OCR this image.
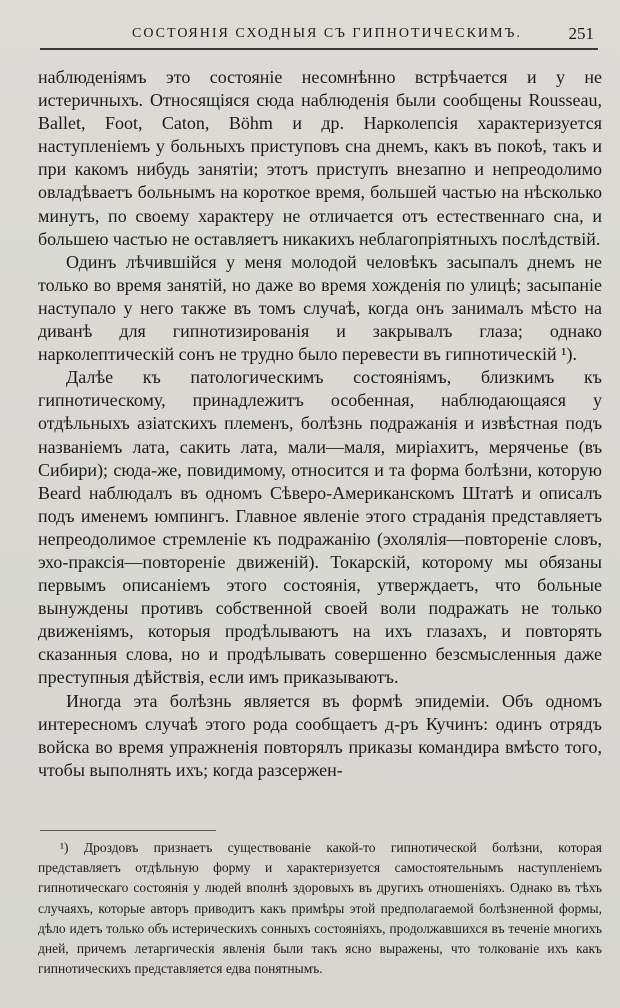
СОСТОЯНІЯ СХОДНЫЯ СЪ ГИПНОТИЧЕСКИМЪ.	251

наблюденіямъ это состояніе несомнѣнно встрѣчается и у не истеричныхъ. Относящіяся сюда наблюденія были сообщены Rousseau, Ballet, Foot, Caton, Böhm и др. Нарколепсія характеризуется наступленіемъ у больныхъ приступовъ сна днемъ, какъ въ покоѣ, такъ и при какомъ нибудь занятіи; этотъ приступъ внезапно и непреодолимо овладѣваетъ больнымъ на короткое время, большей частью на нѣсколько минутъ, по своему характеру не отличается отъ естественнаго сна, и большею частью не оставляетъ никакихъ неблагопріятныхъ послѣдствій.

Одинъ лѣчившійся у меня молодой человѣкъ засыпалъ днемъ не только во время занятій, но даже во время хожденія по улицѣ; засыпаніе наступало у него также въ томъ случаѣ, когда онъ занималъ мѣсто на диванѣ для гипнотизированія и закрывалъ глаза; однако нарколептическій сонъ не трудно было перевести въ гипнотическій ¹).

Далѣе къ патологическимъ состояніямъ, близкимъ къ гипнотическому, принадлежитъ особенная, наблюдающаяся у отдѣльныхъ азіатскихъ племенъ, болѣзнь подражанія и извѣстная подъ названіемъ лата, сакить лата, мали—маля, миріахитъ, меряченье (въ Сибири); сюда-же, повидимому, относится и та форма болѣзни, которую Beard наблюдалъ въ одномъ Сѣверо-Американскомъ Штатѣ и описалъ подъ именемъ юмпингъ. Главное явленіе этого страданія представляетъ непреодолимое стремленіе къ подражанію (эхолялія—повтореніе словъ, эхо-праксія—повтореніе движеній). Токарскій, которому мы обязаны первымъ описаніемъ этого состоянія, утверждаетъ, что больные вынуждены противъ собственной своей воли подражать не только движеніямъ, которыя продѣлываютъ на ихъ глазахъ, и повторять сказанныя слова, но и продѣлывать совершенно безсмысленныя даже преступныя дѣйствія, если имъ приказываютъ.

Иногда эта болѣзнь является въ формѣ эпидеміи. Объ одномъ интересномъ случаѣ этого рода сообщаетъ д-ръ Кучинъ: одинъ отрядъ войска во время упражненія повторялъ приказы командира вмѣсто того, чтобы выполнять ихъ; когда разсержен-

¹) Дроздовъ признаетъ существованіе какой-то гипнотической болѣзни, которая представляетъ отдѣльную форму и характеризуется самостоятельнымъ наступленіемъ гипнотическаго состоянія у людей вполнѣ здоровыхъ въ другихъ отношеніяхъ. Однако въ тѣхъ случаяхъ, которые авторъ приводитъ какъ примѣры этой предполагаемой болѣзненной формы, дѣло идетъ только объ истерическихъ сонныхъ состояніяхъ, продолжавшихся въ теченіе многихъ дней, причемъ летаргическія явленія были такъ ясно выражены, что толкованіе ихъ какъ гипнотическихъ представляется едва понятнымъ.
